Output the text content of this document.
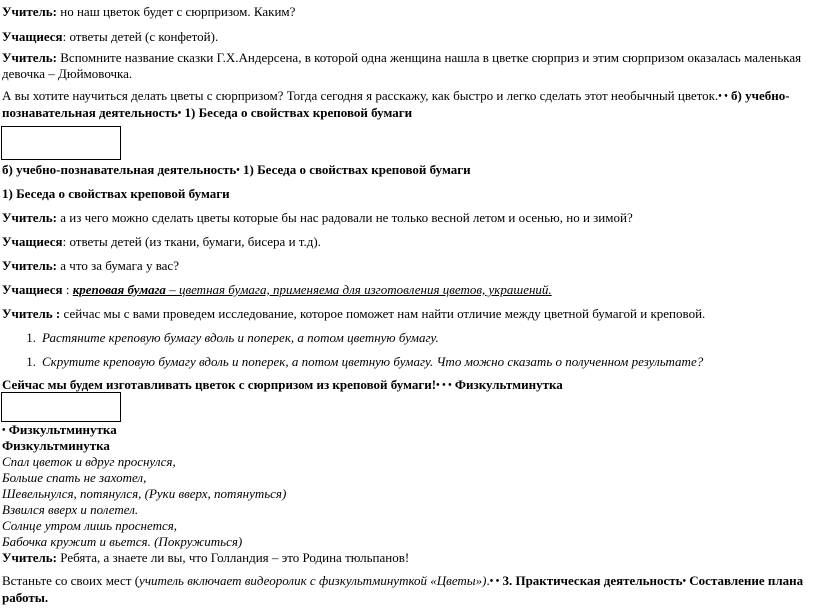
Учитель: но наш цветок будет с сюрпризом. Каким?
Учащиеся: ответы детей (с конфетой).
Учитель: Вспомните название сказки Г.Х.Андерсена, в которой одна женщина нашла в цветке сюрприз и этим сюрпризом оказалась маленькая девочка – Дюймовочка.
А вы хотите научиться делать цветы с сюрпризом? Тогда сегодня я расскажу, как быстро и легко сделать этот необычный цветок.• • б) учебно-познавательная деятельность• 1) Беседа о свойствах креповой бумаги
б) учебно-познавательная деятельность• 1) Беседа о свойствах креповой бумаги
1) Беседа о свойствах креповой бумаги
Учитель: а из чего можно сделать цветы которые бы нас радовали не только весной летом и осенью, но и зимой?
Учащиеся: ответы детей (из ткани, бумаги, бисера и т.д).
Учитель: а что за бумага у вас?
Учащиеся : креповая бумага – цветная бумага, применяема для изготовления цветов, украшений.
Учитель : сейчас мы с вами проведем исследование, которое поможет нам найти отличие между цветной бумагой и креповой.
1. Растяните креповую бумагу вдоль и поперек, а потом цветную бумагу.
1. Скрутите креповую бумагу вдоль и поперек, а потом цветную бумагу. Что можно сказать о полученном результате?
Сейчас мы будем изготавливать цветок с сюрпризом из креповой бумаги!• • • Физкультминутка
• Физкультминутка
Физкультминутка
Спал цветок и вдруг проснулся,
Больше спать не захотел,
Шевельнулся, потянулся, (Руки вверх, потянуться)
Взвился вверх и полетел.
Солнце утром лишь проснется,
Бабочка кружит и вьется. (Покружиться)
Учитель: Ребята, а знаете ли вы, что Голландия – это Родина тюльпанов!
Встаньте со своих мест (учитель включает видеоролик с физкультминуткой «Цветы»).• • 3. Практическая деятельность• Составление плана работы.
